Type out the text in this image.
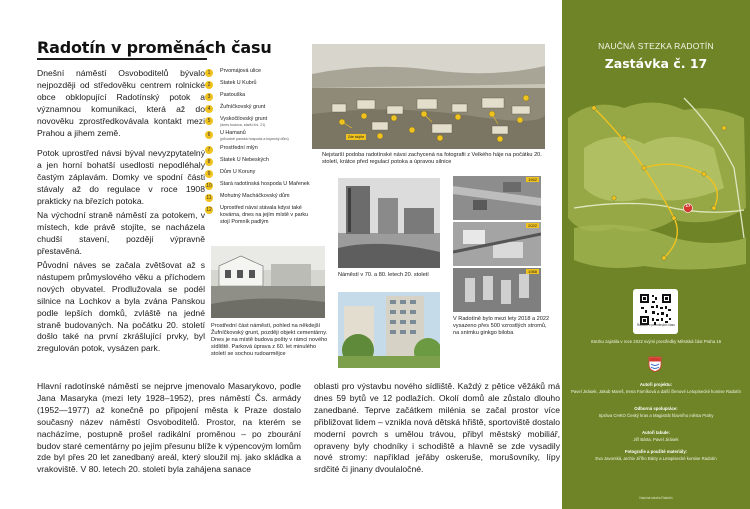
Radotín v proměnách času

Dnešní náměstí Osvoboditelů bývalo nejpozději od středověku centrem rolnické obce obklopující Radotínský potok a významnou komunikaci, která až do novověku zprostředkovávala kontakt mezi Prahou a jihem země.

Potok uprostřed návsi býval nevyzpytatelný a jen horní bohatší usedlosti nepodléhaly častým záplavám. Domky ve spodní části stávaly až do regulace v roce 1908 prakticky na březích potoka.

Na východní straně náměstí za potokem, v místech, kde právě stojíte, se nacházela chudší stavení, později výpravně přestavěná.

Původní náves se začala zvětšovat až s nástupem průmyslového věku a příchodem nových obyvatel. Prodlužovala se podél silnice na Lochkov a byla zvána Panskou podle lepších domků, zvláště na jedné straně budovaných. Na počátku 20. století došlo také na první zkrášlující prvky, byl zregulován potok, vysázen park.

1	Prvomájová ulice
2	Statek U Kubrů
3	Pastouška
4	Žufníčkovský grunt
5	Vyskočilovský grunt
(dnes budova, starší čís. 21)
6	U Hamanů
(původně panská hospoda a kupecký dům)
7	Prostřední mlýn
8	Statek U Nebeských
9	Dům U Koruny
10 Stará radotínská hospoda U Mařenek
11 Mohutný Macháčkovský dům
12 Uprostřed návsi stávala kdysi také kovárna, dnes na jejím místě v parku stojí Pomník padlým
Zde stojíte
Nejstarší podoba radotínské návsi zachycená na fotografii z Velkého háje na počátku 20. století, krátce před regulací potoka a úpravou silnice
Náměstí v 70. a 80. letech 20. století
1942
2022
1988
Prostřední část náměstí, pohled na někdejší Žufníčkovský grunt, později objekt cementárny. Dnes je na místě budova pošty v rámci nového sídliště. Parková úprava z 60. let minulého století se sochou rudoarmějce
V Radotíně bylo mezi lety 2018 a 2022 vysazeno přes 500 vzrostlých stromů, na snímku ginkgo biloba
Hlavní radotínské náměstí se nejprve jmenovalo Masarykovo, podle Jana Masaryka (mezi lety 1928–1952), pres náměstí Čs. armády (1952—1977) až konečně po připojení města k Praze dostalo současný název náměstí Osvoboditelů. Prostor, na kterém se nacházíme, postupně prošel radikální proměnou – po zbourání budov staré cementárny po jejím přesunu blíže k výpencovým lomům zde byl přes 20 let zanedbaný areál, který sloužil mj. jako skládka a vrakoviště. V 80. letech 20. století byla zahájena sanace
oblasti pro výstavbu nového sídliště. Každý z pětice věžáků má dnes 59 bytů ve 12 podlažích. Okolí domů ale zůstalo dlouho zanedbané. Teprve začátkem milénia se začal prostor více přibližovat lidem – vznikla nová dětská hřiště, sportoviště dostalo moderní povrch s umělou trávou, přibyl městský mobiliář, opraveny byly chodníky i schodiště a hlavně se zde vysadily nové stromy: například jeřáby oskeruše, morušovníky, lípy srdčité či jinany dvoulaločné.
NAUČNÁ STEZKA RADOTÍN
Zastávka č. 17
17
Radotín v proměnách času
Stezku zajistila v roce 2022 svými prostředky Městská část Praha 16
Autoři projektu:
Pavel Jirásek, Jakub Mareš, Irena Farníková a další členové Letopisecké komise Radotín
Odborná spolupráce:
Správa CHKO Český kras a Magistrát hlavního města Prahy
Autoři tabule:
Jiří Bárta, Pavel Jirásek
Fotografie a použité materiály:
Eva Javorská, archiv Jiřího Bárty a Letopisecké komise Radotín
Naučná stezka Radotín
